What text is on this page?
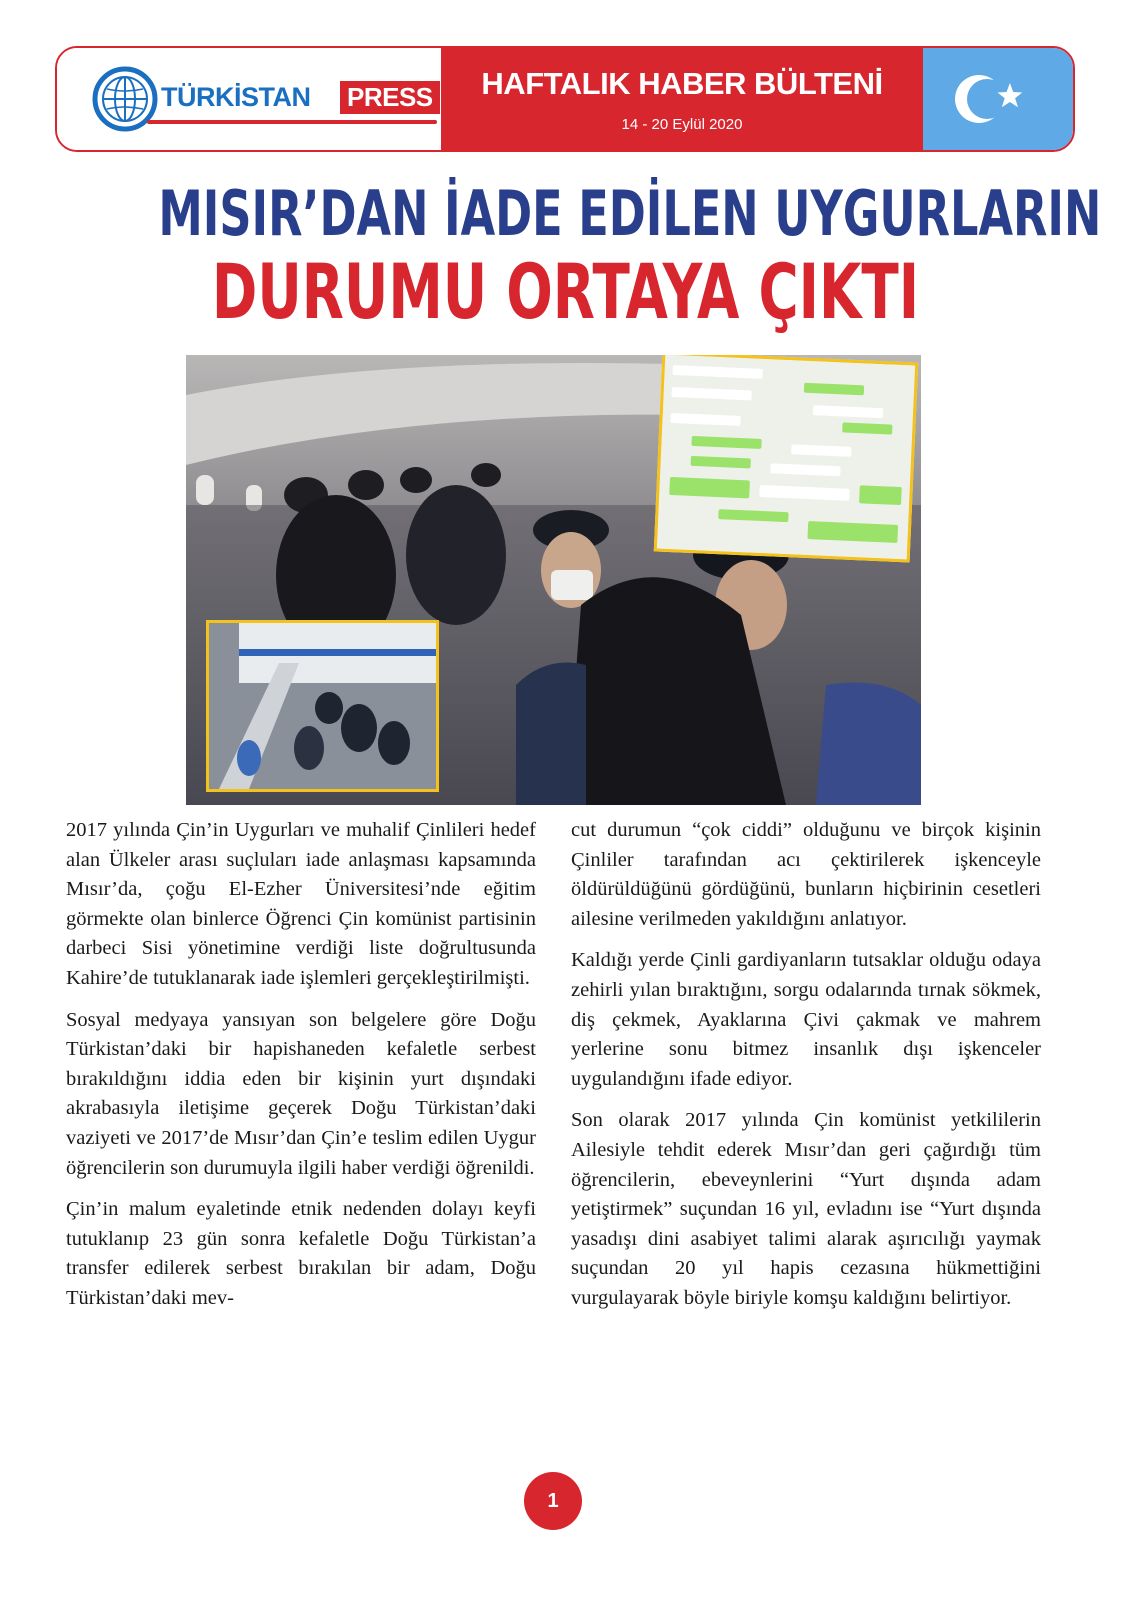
TÜRKİSTAN PRESS	HAFTALIK HABER BÜLTENİ
14 - 20 Eylül 2020
MISIR’DAN İADE EDİLEN UYGURLARIN
DURUMU ORTAYA ÇIKTI

2017 yılında Çin’in Uygurları ve muhalif Çinlileri hedef alan Ülkeler arası suçluları iade anlaşması kapsamında Mısır’da, çoğu El-Ezher Üniversitesi’nde eğitim görmekte olan binlerce Öğrenci Çin komünist partisinin darbeci Sisi yönetimine verdiği liste doğrultusunda Kahire’de tutuklanarak iade işlemleri gerçekleştirilmişti.

Sosyal medyaya yansıyan son belgelere göre Doğu Türkistan’daki bir hapishaneden kefaletle serbest bırakıldığını iddia eden bir kişinin yurt dışındaki akrabasıyla iletişime geçerek Doğu Türkistan’daki vaziyeti ve 2017’de Mısır’dan Çin’e teslim edilen Uygur öğrencilerin son durumuyla ilgili haber verdiği öğrenildi.

Çin’in malum eyaletinde etnik nedenden dolayı keyfi tutuklanıp 23 gün sonra kefaletle Doğu Türkistan’a transfer edilerek serbest bırakılan bir adam, Doğu Türkistan’daki mev-

cut durumun “çok ciddi” olduğunu ve birçok kişinin Çinliler tarafından acı çektirilerek işkenceyle öldürüldüğünü gördüğünü, bunların hiçbirinin cesetleri ailesine verilmeden yakıldığını anlatıyor.

Kaldığı yerde Çinli gardiyanların tutsaklar olduğu odaya zehirli yılan bıraktığını, sorgu odalarında tırnak sökmek, diş çekmek, Ayaklarına Çivi çakmak ve mahrem yerlerine sonu bitmez insanlık dışı işkenceler uygulandığını ifade ediyor.

Son olarak 2017 yılında Çin komünist yetkililerin Ailesiyle tehdit ederek Mısır’dan geri çağırdığı tüm öğrencilerin, ebeveynlerini “Yurt dışında adam yetiştirmek” suçundan 16 yıl, evladını ise “Yurt dışında yasadışı dini asabiyet talimi alarak aşırıcılığı yaymak suçundan 20 yıl hapis cezasına hükmettiğini vurgulayarak böyle biriyle komşu kaldığını belirtiyor.

1
